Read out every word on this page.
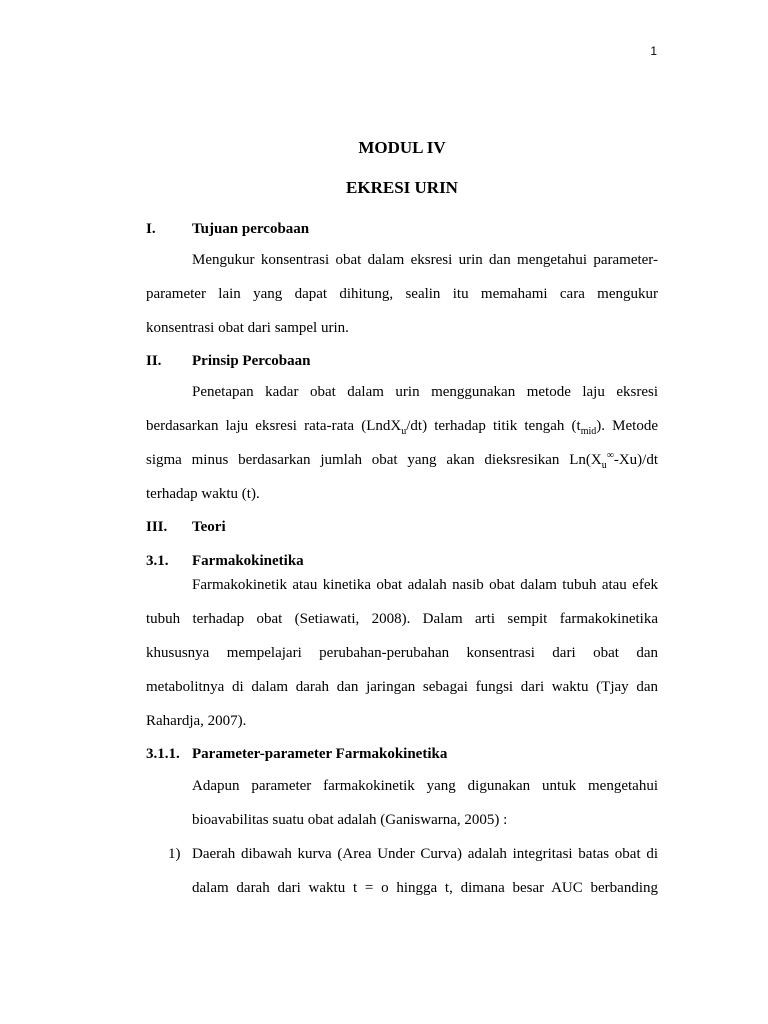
1
MODUL IV
EKRESI URIN
I. Tujuan percobaan
Mengukur konsentrasi obat dalam eksresi urin dan mengetahui parameter-
parameter lain yang dapat dihitung, sealin itu memahami cara mengukur
konsentrasi obat dari sampel urin.
II. Prinsip Percobaan
Penetapan kadar obat dalam urin menggunakan metode laju eksresi
berdasarkan laju eksresi rata-rata (LndX$_u$/dt) terhadap titik tengah $(t_{mid})$. Metode
sigma minus berdasarkan jumlah obat yang akan dieksresikan $Ln(X_u^\infty-Xu)/dt$
terhadap waktu (t).
III. Teori
3.1. Farmakokinetika
Farmakokinetik atau kinetika obat adalah nasib obat dalam tubuh atau efek
tubuh terhadap obat (Setiawati, 2008). Dalam arti sempit farmakokinetika
khususnya mempelajari perubahan-perubahan konsentrasi dari obat dan
metabolitnya di dalam darah dan jaringan sebagai fungsi dari waktu (Tjay dan
Rahardja, 2007).
3.1.1. Parameter-parameter Farmakokinetika
Adapun parameter farmakokinetik yang digunakan untuk mengetahui
bioavabilitas suatu obat adalah (Ganiswarna, 2005) :
1) Daerah dibawah kurva (Area Under Curva) adalah integritasi batas obat di
dalam darah dari waktu t = o hingga t, dimana besar AUC berbanding
